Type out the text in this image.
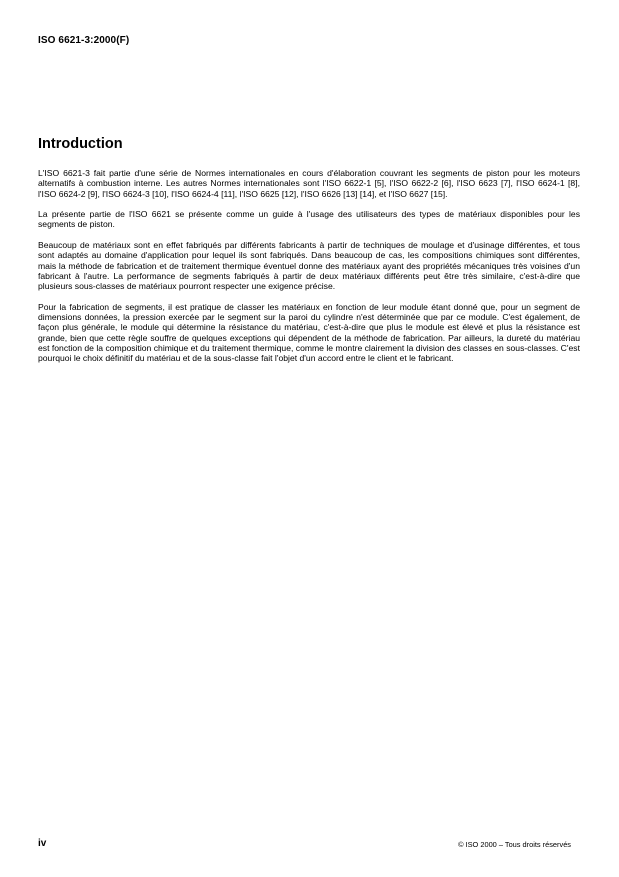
ISO 6621-3:2000(F)
Introduction

L'ISO 6621-3 fait partie d'une série de Normes internationales en cours d'élaboration couvrant les segments de piston pour les moteurs alternatifs à combustion interne. Les autres Normes internationales sont l'ISO 6622-1 [5], l'ISO 6622-2 [6], l'ISO 6623 [7], l'ISO 6624-1 [8], l'ISO 6624-2 [9], l'ISO 6624-3 [10], l'ISO 6624-4 [11], l'ISO 6625 [12], l'ISO 6626 [13] [14], et l'ISO 6627 [15].

La présente partie de l'ISO 6621 se présente comme un guide à l'usage des utilisateurs des types de matériaux disponibles pour les segments de piston.

Beaucoup de matériaux sont en effet fabriqués par différents fabricants à partir de techniques de moulage et d'usinage différentes, et tous sont adaptés au domaine d'application pour lequel ils sont fabriqués. Dans beaucoup de cas, les compositions chimiques sont différentes, mais la méthode de fabrication et de traitement thermique éventuel donne des matériaux ayant des propriétés mécaniques très voisines d'un fabricant à l'autre. La performance de segments fabriqués à partir de deux matériaux différents peut être très similaire, c'est-à-dire que plusieurs sous-classes de matériaux pourront respecter une exigence précise.

Pour la fabrication de segments, il est pratique de classer les matériaux en fonction de leur module étant donné que, pour un segment de dimensions données, la pression exercée par le segment sur la paroi du cylindre n'est déterminée que par ce module. C'est également, de façon plus générale, le module qui détermine la résistance du matériau, c'est-à-dire que plus le module est élevé et plus la résistance est grande, bien que cette règle souffre de quelques exceptions qui dépendent de la méthode de fabrication. Par ailleurs, la dureté du matériau est fonction de la composition chimique et du traitement thermique, comme le montre clairement la division des classes en sous-classes. C'est pourquoi le choix définitif du matériau et de la sous-classe fait l'objet d'un accord entre le client et le fabricant.

iv	© ISO 2000 – Tous droits réservés
